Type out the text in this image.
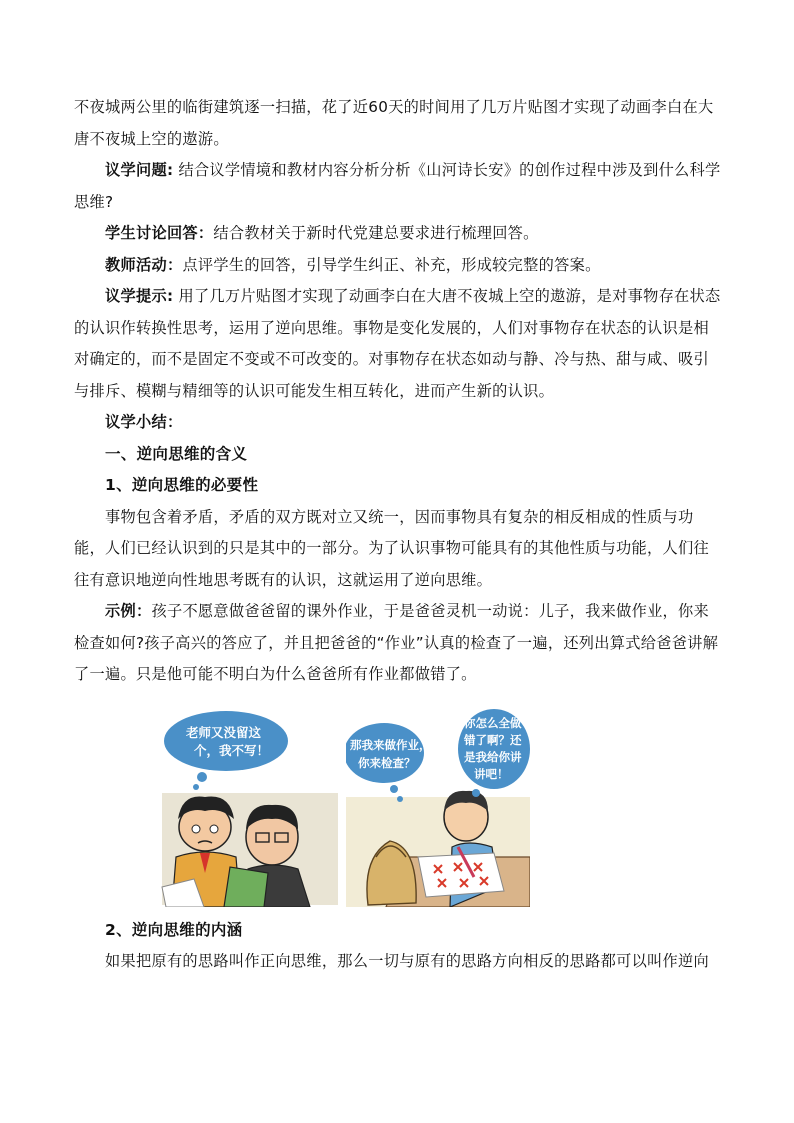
不夜城两公里的临街建筑逐一扫描，花了近60天的时间用了几万片贴图才实现了动画李白在大唐不夜城上空的遨游。

议学问题: 结合议学情境和教材内容分析分析《山河诗长安》的创作过程中涉及到什么科学思维?

学生讨论回答：结合教材关于新时代党建总要求进行梳理回答。

教师活动：点评学生的回答，引导学生纠正、补充，形成较完整的答案。

议学提示: 用了几万片贴图才实现了动画李白在大唐不夜城上空的遨游，是对事物存在状态的认识作转换性思考，运用了逆向思维。事物是变化发展的，人们对事物存在状态的认识是相对确定的，而不是固定不变或不可改变的。对事物存在状态如动与静、冷与热、甜与咸、吸引与排斥、模糊与精细等的认识可能发生相互转化，进而产生新的认识。

议学小结：

一、逆向思维的含义

1、逆向思维的必要性

事物包含着矛盾，矛盾的双方既对立又统一，因而事物具有复杂的相反相成的性质与功能，人们已经认识到的只是其中的一部分。为了认识事物可能具有的其他性质与功能，人们往往有意识地逆向性地思考既有的认识，这就运用了逆向思维。

示例：孩子不愿意做爸爸留的课外作业，于是爸爸灵机一动说：儿子，我来做作业，你来检查如何?孩子高兴的答应了，并且把爸爸的“作业”认真的检查了一遍，还列出算式给爸爸讲解了一遍。只是他可能不明白为什么爸爸所有作业都做错了。

老师又没留这
个，我不写！	那我来做作业，
你来检查？
你怎么全做
错了啊？还
是我给你讲
讲吧！

2、逆向思维的内涵

如果把原有的思路叫作正向思维，那么一切与原有的思路方向相反的思路都可以叫作逆向
